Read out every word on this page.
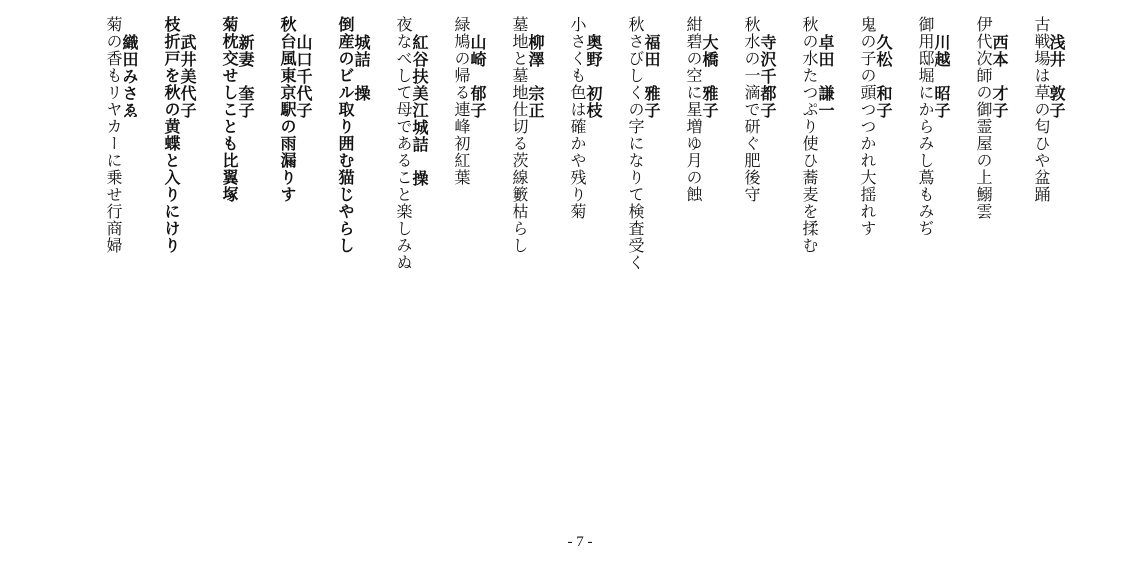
浅井　敦子
古戦場は草の匂ひや盆踊
西本　才子
伊代次師の御霊屋の上鰯雲
川越　昭子
御用邸堀にからみし蔦もみぢ
久松　和子
鬼の子の頭つつかれ大揺れす
卓田　謙一
秋の水たつぷり使ひ蕎麦を揉む
寺沢千都子
秋水の一滴で研ぐ肥後守
大橋　雅子
紺碧の空に星増ゆ月の蝕
福田　雅子
秋さびしくの字になりて検査受く
奥野　初枝
小さくも色は確かや残り菊
柳澤　宗正
墓地と墓地仕切る茨線籔枯らし
山崎　郁子
緑鳩の帰る連峰初紅葉
紅谷扶美江城詰　操
夜なべして母であること楽しみぬ
城詰　操
倒産のビル取り囲む猫じやらし
山口千代子
秋台風東京駅の雨漏りす
新妻　奎子
菊枕交せしことも比翼塚
武井美代子
枝折戸を秋の黄蝶と入りにけり
織田みさゑ
菊の香もリヤカーに乗せ行商婦
- 7 -
